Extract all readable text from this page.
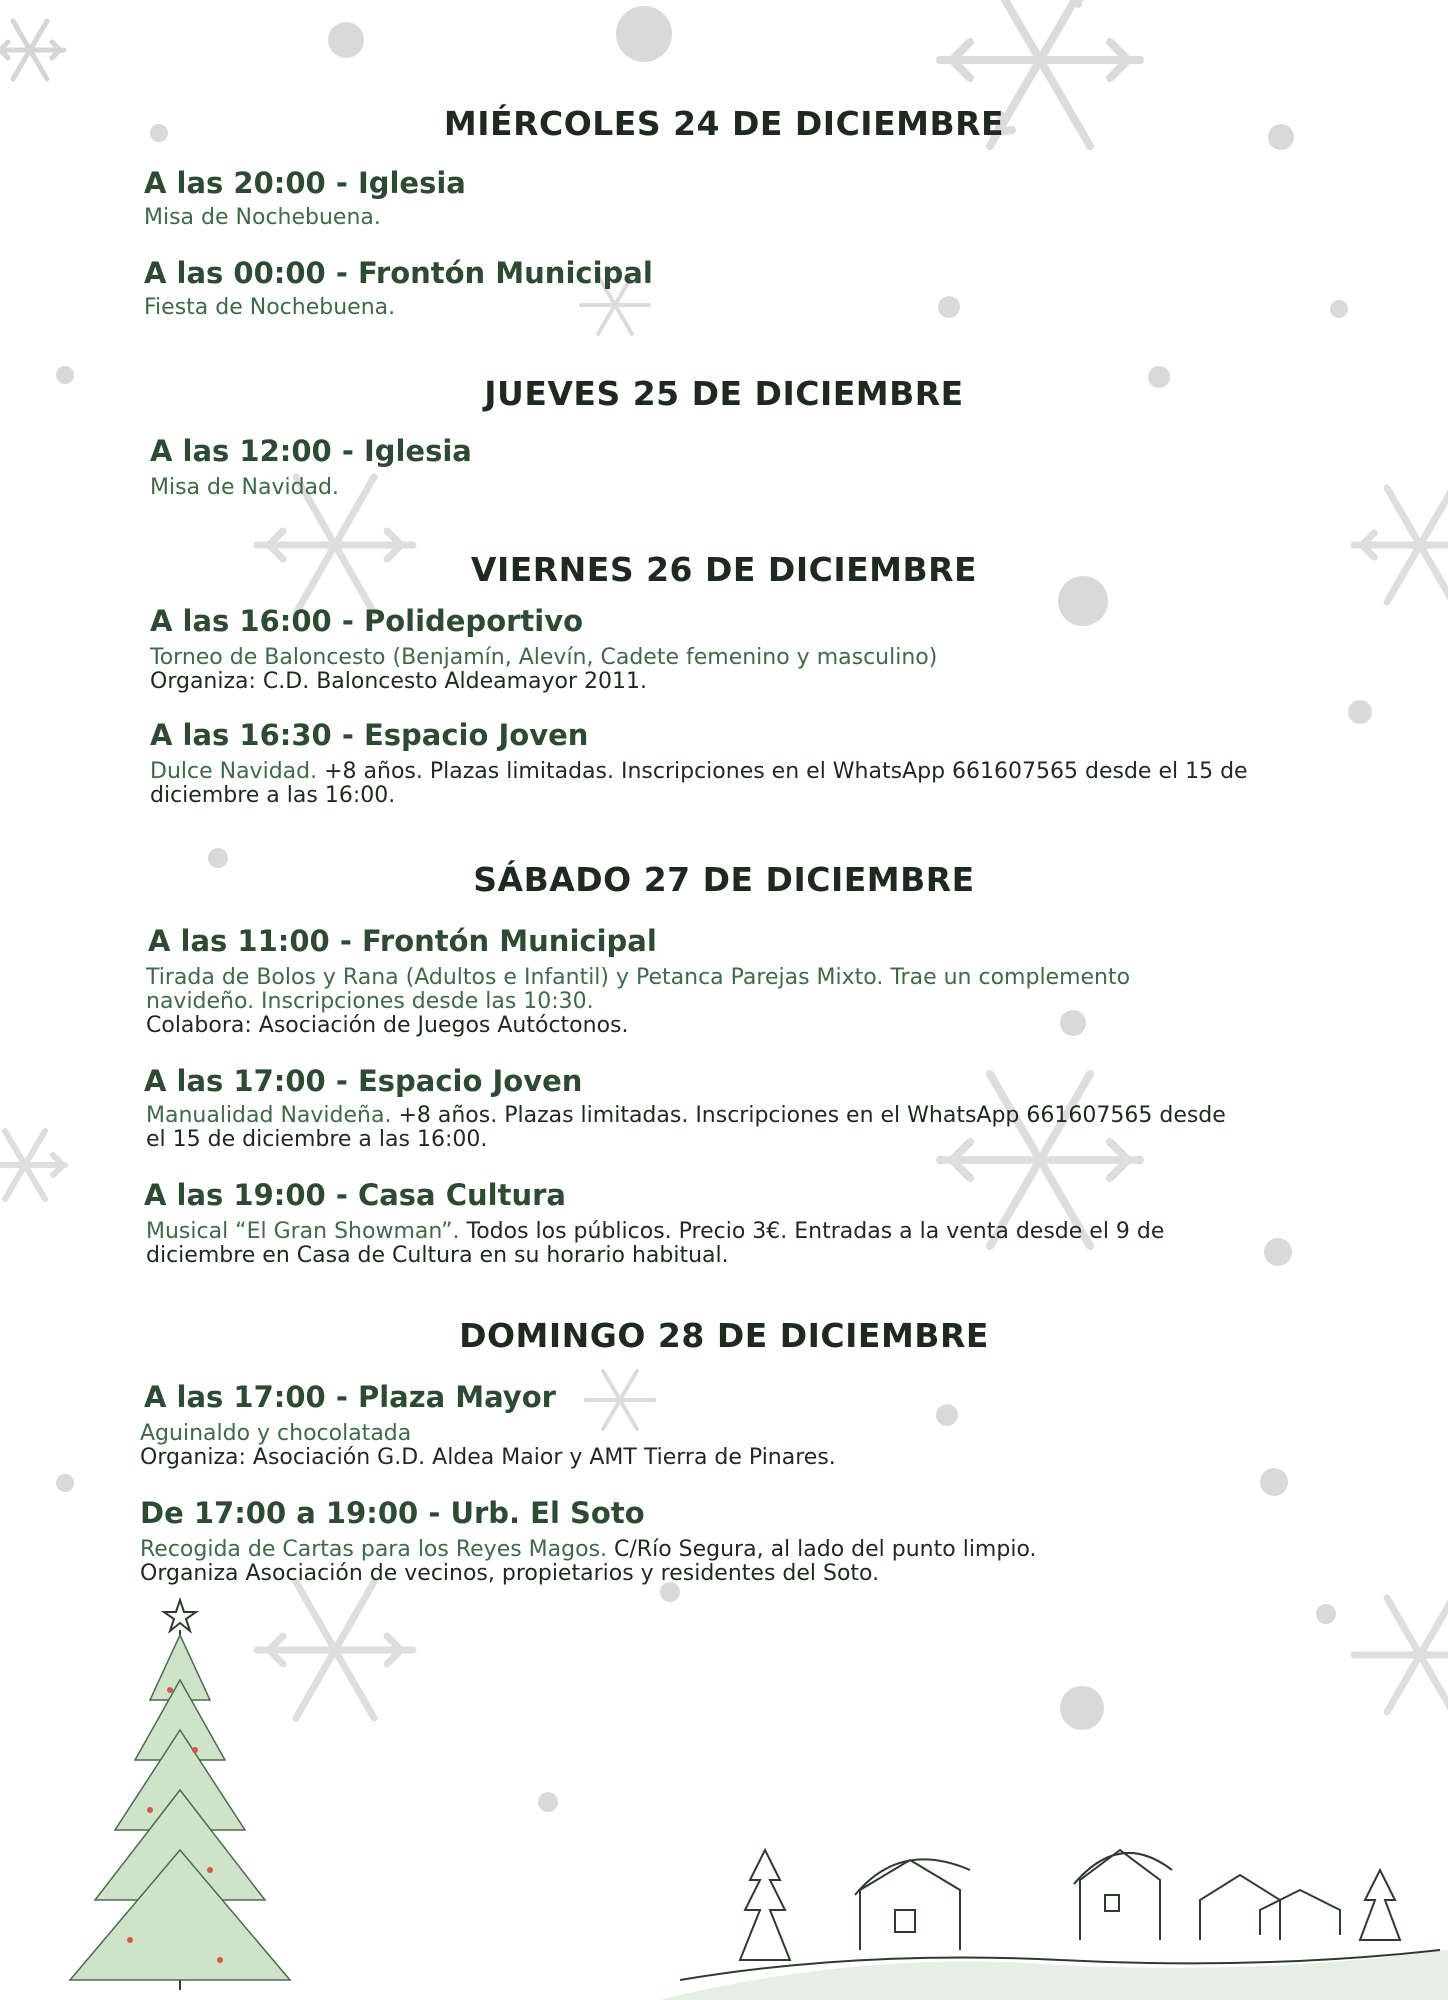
MIÉRCOLES 24 DE DICIEMBRE
A las 20:00 - Iglesia

Misa de Nochebuena.

A las 00:00 - Frontón Municipal

Fiesta de Nochebuena.

JUEVES 25 DE DICIEMBRE
A las 12:00 - Iglesia

Misa de Navidad.

VIERNES 26 DE DICIEMBRE
A las 16:00 - Polideportivo

Torneo de Baloncesto (Benjamín, Alevín, Cadete femenino y masculino)
Organiza: C.D. Baloncesto Aldeamayor 2011.

A las 16:30 - Espacio Joven

Dulce Navidad. +8 años. Plazas limitadas. Inscripciones en el WhatsApp 661607565 desde el 15 de diciembre a las 16:00.

SÁBADO 27 DE DICIEMBRE
A las 11:00 - Frontón Municipal

Tirada de Bolos y Rana (Adultos e Infantil) y Petanca Parejas Mixto. Trae un complemento navideño. Inscripciones desde las 10:30.
Colabora: Asociación de Juegos Autóctonos.

A las 17:00 - Espacio Joven

Manualidad Navideña. +8 años. Plazas limitadas. Inscripciones en el WhatsApp 661607565 desde el 15 de diciembre a las 16:00.

A las 19:00 - Casa Cultura

Musical “El Gran Showman”. Todos los públicos. Precio 3€. Entradas a la venta desde el 9 de diciembre en Casa de Cultura en su horario habitual.

DOMINGO 28 DE DICIEMBRE
A las 17:00 - Plaza Mayor

Aguinaldo y chocolatada
Organiza: Asociación G.D. Aldea Maior y AMT Tierra de Pinares.

De 17:00 a 19:00 - Urb. El Soto

Recogida de Cartas para los Reyes Magos. C/Río Segura, al lado del punto limpio.
Organiza Asociación de vecinos, propietarios y residentes del Soto.
